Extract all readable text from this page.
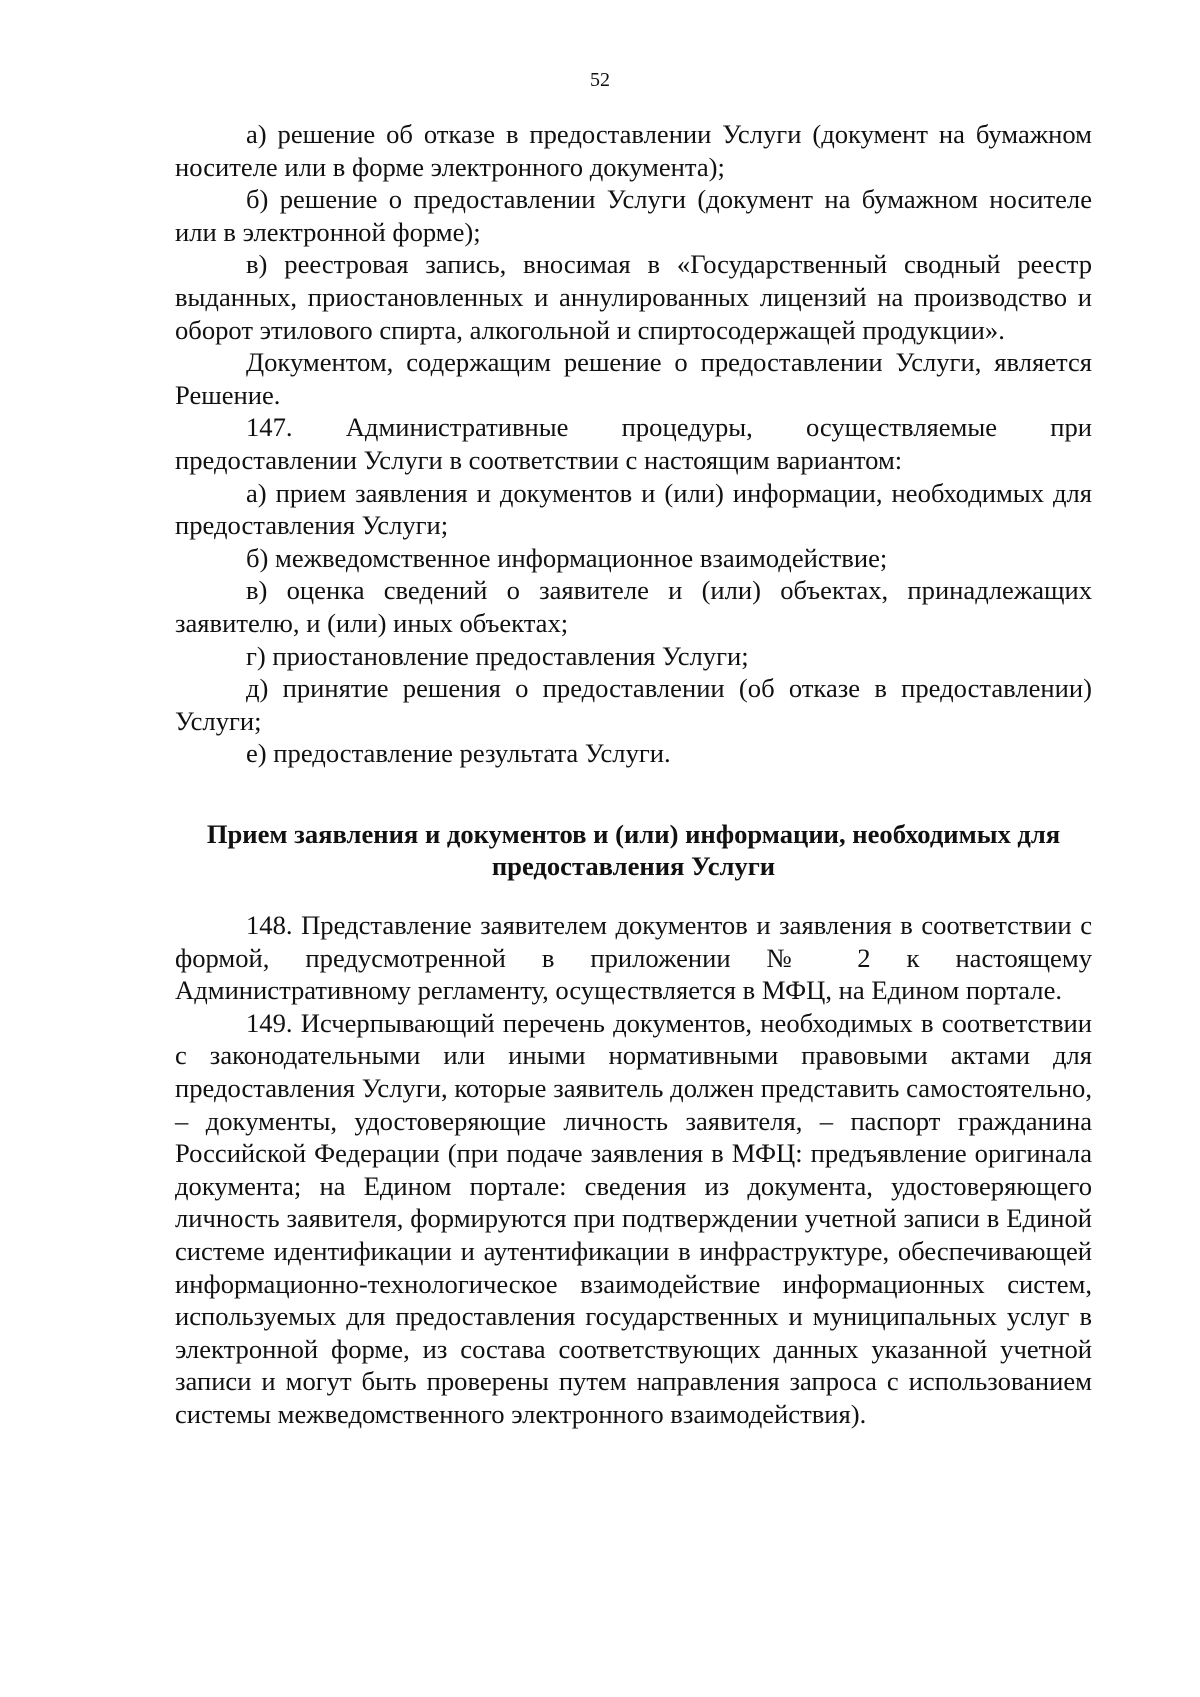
52

а) решение об отказе в предоставлении Услуги (документ на бумажном носителе или в форме электронного документа);

б) решение о предоставлении Услуги (документ на бумажном носителе или в электронной форме);

в) реестровая запись, вносимая в «Государственный сводный реестр выданных, приостановленных и аннулированных лицензий на производство и оборот этилового спирта, алкогольной и спиртосодержащей продукции».

Документом, содержащим решение о предоставлении Услуги, является Решение.

147. Административные процедуры, осуществляемые при предоставлении Услуги в соответствии с настоящим вариантом:

а) прием заявления и документов и (или) информации, необходимых для предоставления Услуги;

б) межведомственное информационное взаимодействие;

в) оценка сведений о заявителе и (или) объектах, принадлежащих заявителю, и (или) иных объектах;

г) приостановление предоставления Услуги;

д) принятие решения о предоставлении (об отказе в предоставлении) Услуги;

е) предоставление результата Услуги.

Прием заявления и документов и (или) информации, необходимых для
предоставления Услуги

148. Представление заявителем документов и заявления в соответствии с формой, предусмотренной в приложении № 2 к настоящему Административному регламенту, осуществляется в МФЦ, на Едином портале.

149. Исчерпывающий перечень документов, необходимых в соответствии с законодательными или иными нормативными правовыми актами для предоставления Услуги, которые заявитель должен представить самостоятельно, – документы, удостоверяющие личность заявителя, – паспорт гражданина Российской Федерации (при подаче заявления в МФЦ: предъявление оригинала документа; на Едином портале: сведения из документа, удостоверяющего личность заявителя, формируются при подтверждении учетной записи в Единой системе идентификации и аутентификации в инфраструктуре, обеспечивающей информационно-технологическое взаимодействие информационных систем, используемых для предоставления государственных и муниципальных услуг в электронной форме, из состава соответствующих данных указанной учетной записи и могут быть проверены путем направления запроса с использованием системы межведомственного электронного взаимодействия).
